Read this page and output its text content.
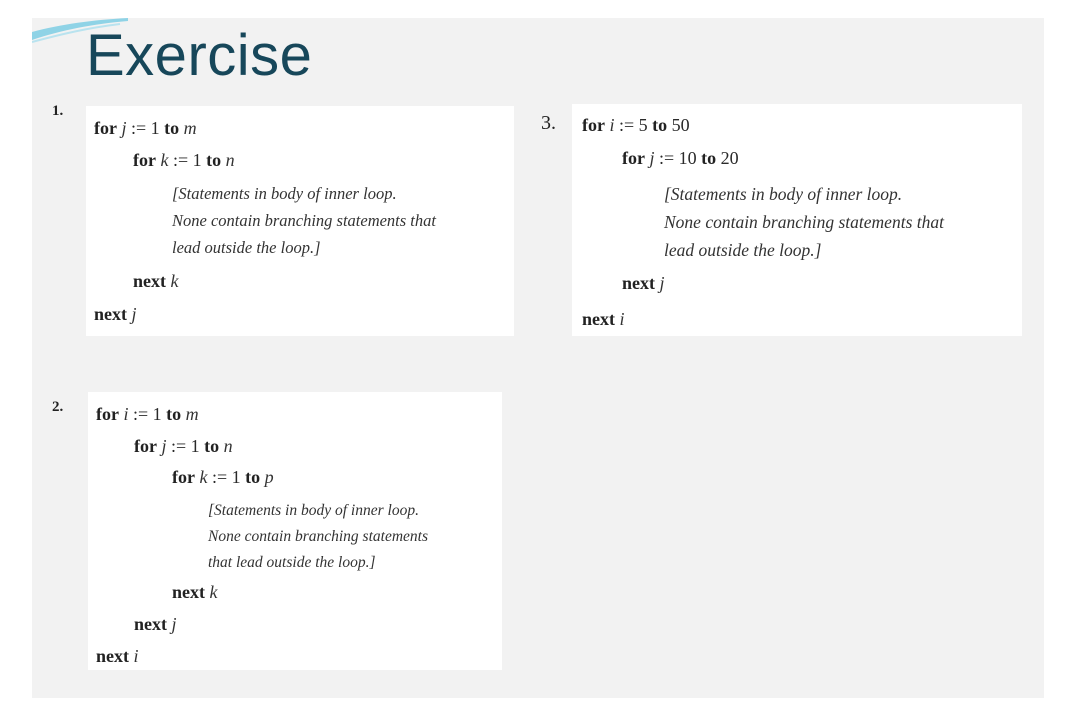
Exercise
1.
for j := 1 to m
for k := 1 to n
[Statements in body of inner loop.
None contain branching statements that
lead outside the loop.]
next k
next j
2. for i := 1 to m
for j := 1 to n
for k := 1 to p
[Statements in body of inner loop.
None contain branching statements
that lead outside the loop.]
next k
next j
next i
3. for i := 5 to 50
for j := 10 to 20
[Statements in body of inner loop.
None contain branching statements that
lead outside the loop.]
next j
next i
